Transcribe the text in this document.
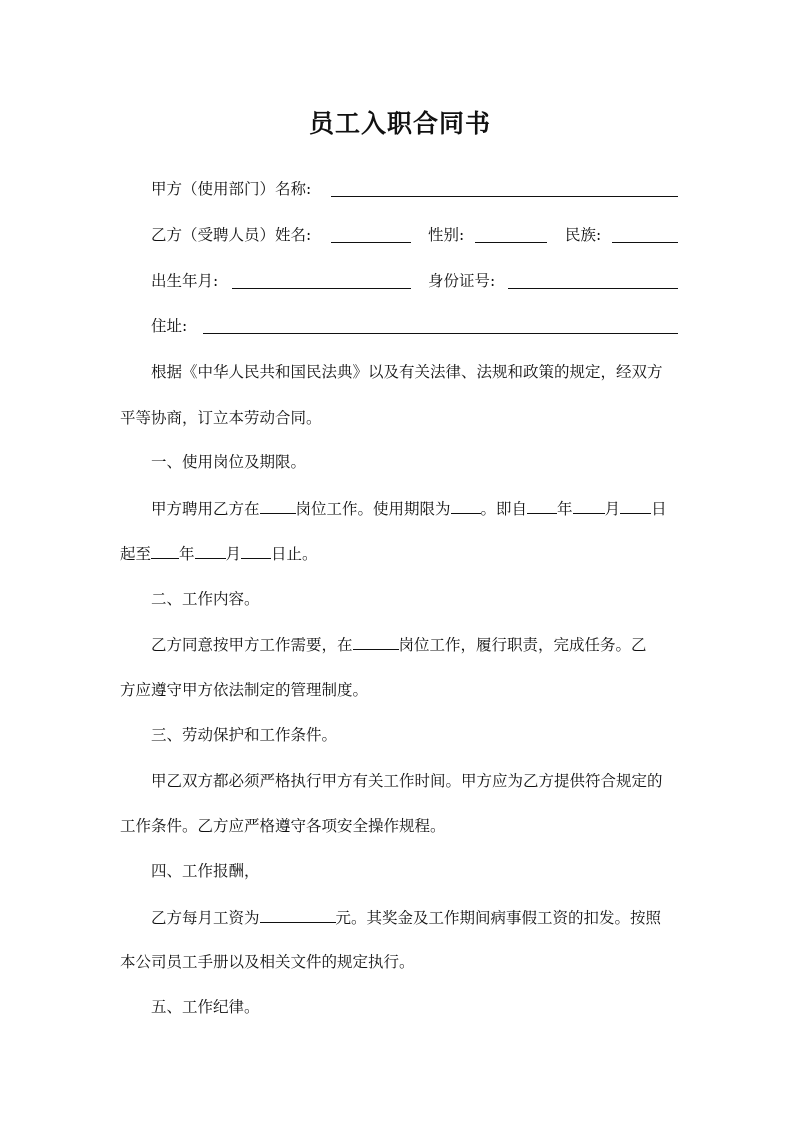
员工入职合同书
甲方（使用部门）名称:
乙方（受聘人员）姓名:	性别:	民族:
出生年月:	身份证号:
住址:
根据《中华人民共和国民法典》以及有关法律、法规和政策的规定，经双方
平等协商，订立本劳动合同。
一、使用岗位及期限。
甲方聘用乙方在 岗位工作。使用期限为 。即自 年 月 日
起至 年 月 日止。
二、工作内容。
乙方同意按甲方工作需要，在	岗位工作，履行职责，完成任务。乙
方应遵守甲方依法制定的管理制度。
三、劳动保护和工作条件。
甲乙双方都必须严格执行甲方有关工作时间。甲方应为乙方提供符合规定的
工作条件。乙方应严格遵守各项安全操作规程。
四、工作报酬，
乙方每月工资为	元。其奖金及工作期间病事假工资的扣发。按照
本公司员工手册以及相关文件的规定执行。
五、工作纪律。
